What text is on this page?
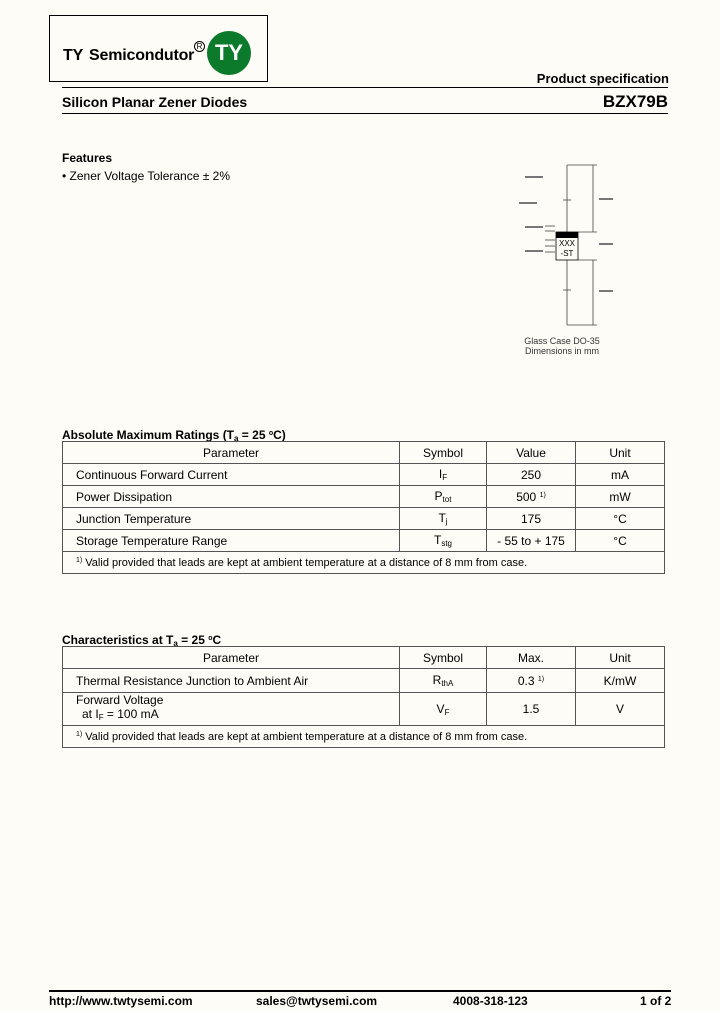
TY Semicondutor
R TY
Product specification
Silicon Planar Zener Diodes	BZX79B
Features
• Zener Voltage Tolerance ± 2%
XXX
-ST
Glass Case DO-35
Dimensions in mm
Absolute Maximum Ratings ($T_a = 25$ $^o$C)
Parameter	Symbol	Value	Unit
Continuous Forward Current	$I_F$	250	mA
Power Dissipation	$P_{tot}$	500 $^{1)}$	mW
Junction Temperature	$T_j$	175	°C
Storage Temperature Range	$T_{stg}$	- 55 to + 175	°C
$^{1)}$ Valid provided that leads are kept at ambient temperature at a distance of 8 mm from case.			
Characteristics at $T_a = 25$ $^o$C
Parameter	Symbol	Max.	Unit
Thermal Resistance Junction to Ambient Air	$R_{thA}$	0.3 $^{1)}$	K/mW

Forward Voltage
at $I_F = 100$ mA	$V_F$	1.5	V
$^{1)}$ Valid provided that leads are kept at ambient temperature at a distance of 8 mm from case.			
http://www.twtysemi.com	sales@twtysemi.com	4008-318-123	1 of 2
